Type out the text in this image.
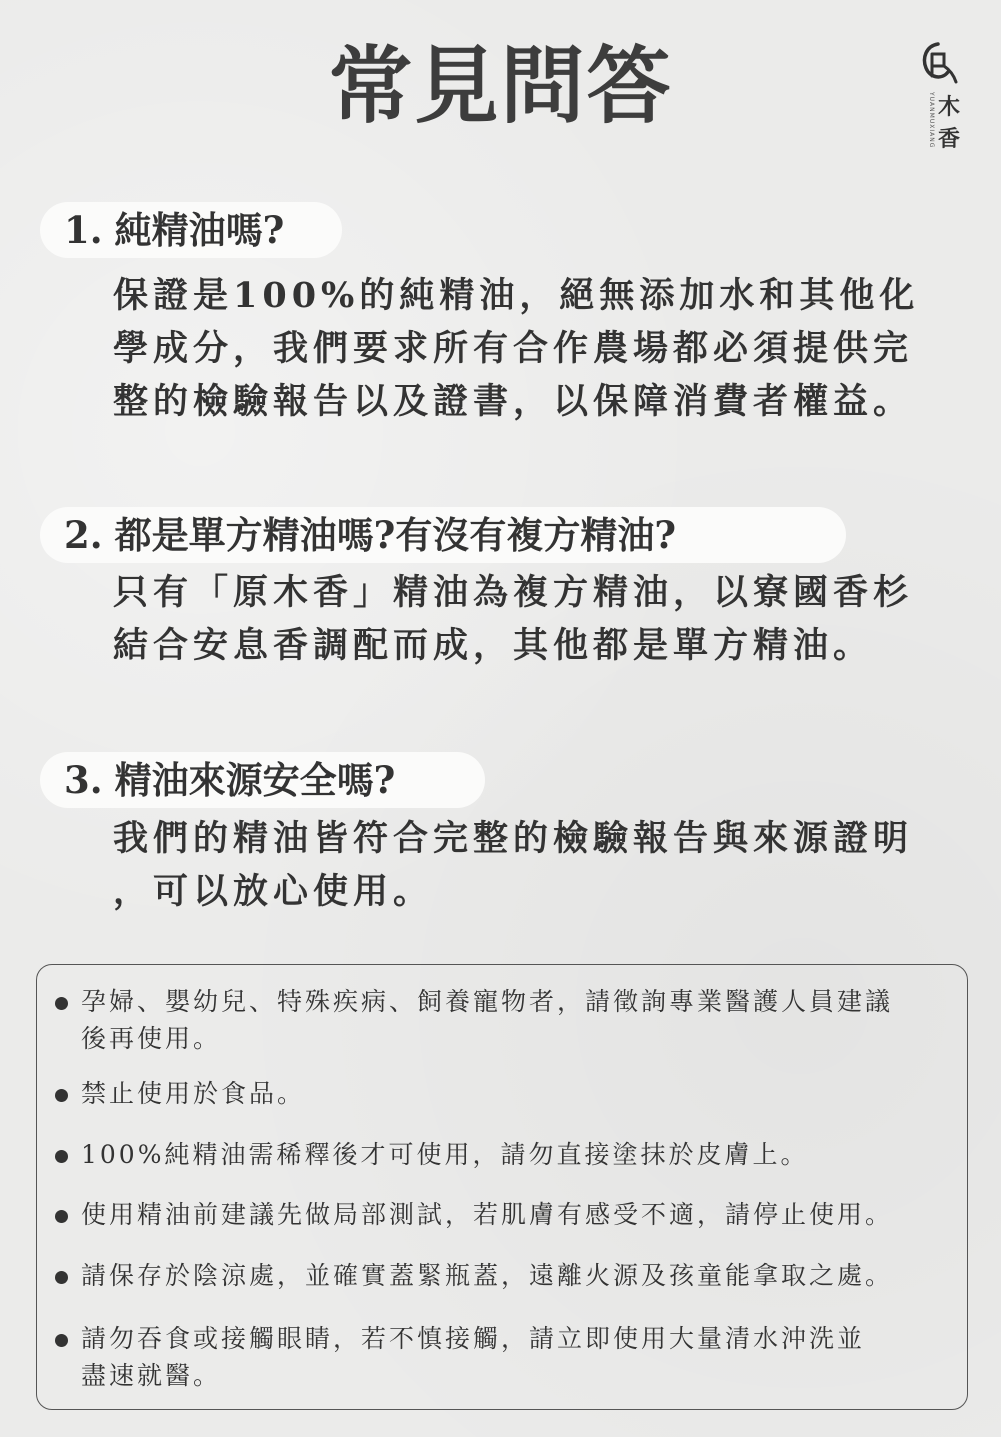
常見問答	YUANMUXIANG 木
香
1. 純精油嗎?
保證是100%的純精油，絕無添加水和其他化
學成分，我們要求所有合作農場都必須提供完
整的檢驗報告以及證書，以保障消費者權益。
2. 都是單方精油嗎?有沒有複方精油?
只有「原木香」精油為複方精油，以寮國香杉
結合安息香調配而成，其他都是單方精油。
3. 精油來源安全嗎?
我們的精油皆符合完整的檢驗報告與來源證明
，可以放心使用。
孕婦、嬰幼兒、特殊疾病、飼養寵物者，請徵詢專業醫護人員建議
後再使用。
禁止使用於食品。
100%純精油需稀釋後才可使用，請勿直接塗抹於皮膚上。
使用精油前建議先做局部測試，若肌膚有感受不適，請停止使用。
請保存於陰涼處，並確實蓋緊瓶蓋，遠離火源及孩童能拿取之處。
請勿吞食或接觸眼睛，若不慎接觸，請立即使用大量清水沖洗並
盡速就醫。
